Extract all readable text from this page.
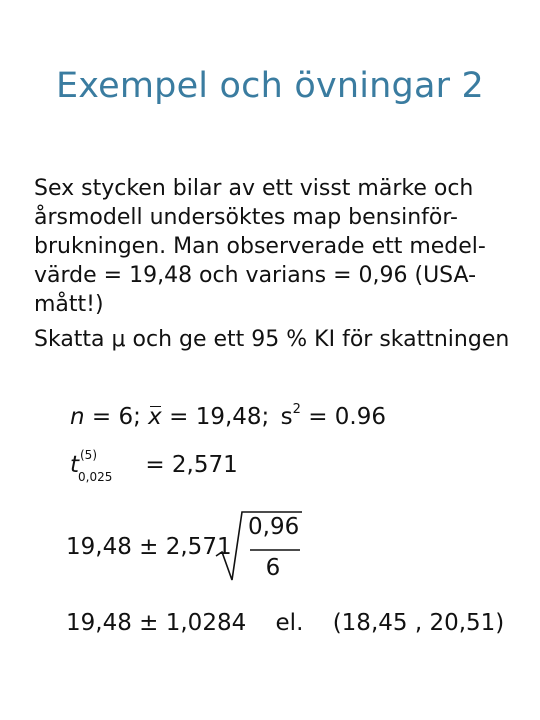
Exempel och övningar 2

Sex stycken bilar av ett visst märke och årsmodell undersöktes map bensinför-brukningen. Man observerade ett medel-värde = 19,48 och varians = 0,96 (USA-mått!)

Skatta μ och ge ett 95 % KI för skattningen

n = 6; x = 19,48; $s^2 = 0.96$
t (5)
0,025 = 2,571
19,48 ± 2,571
0,96
6
19,48 ± 1,0284 el. (18,45 , 20,51)
